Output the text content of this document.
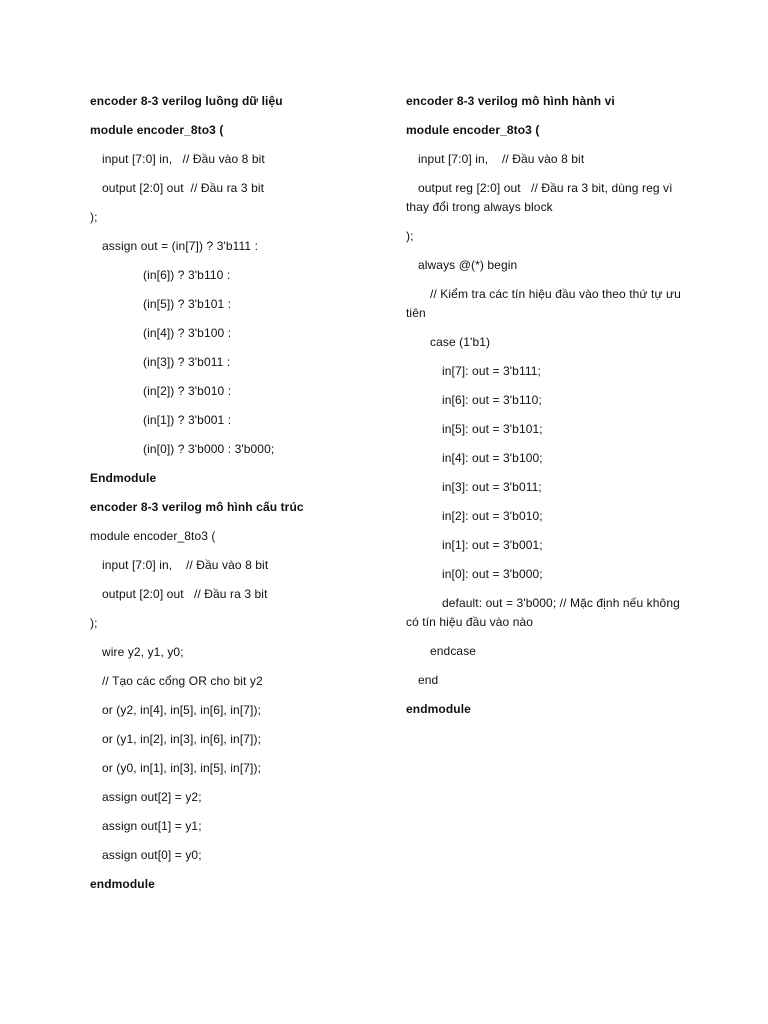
encoder 8-3 verilog luồng dữ liệu
module encoder_8to3 (
input [7:0] in,   // Đầu vào 8 bit
output [2:0] out  // Đầu ra 3 bit
);
assign out = (in[7]) ? 3'b111 :
(in[6]) ? 3'b110 :
(in[5]) ? 3'b101 :
(in[4]) ? 3'b100 :
(in[3]) ? 3'b011 :
(in[2]) ? 3'b010 :
(in[1]) ? 3'b001 :
(in[0]) ? 3'b000 : 3'b000;
Endmodule
encoder 8-3 verilog mô hình cấu trúc
module encoder_8to3 (
input [7:0] in,    // Đầu vào 8 bit
output [2:0] out   // Đầu ra 3 bit
);
wire y2, y1, y0;
// Tạo các cổng OR cho bit y2
or (y2, in[4], in[5], in[6], in[7]);
or (y1, in[2], in[3], in[6], in[7]);
or (y0, in[1], in[3], in[5], in[7]);
assign out[2] = y2;
assign out[1] = y1;
assign out[0] = y0;
endmodule
encoder 8-3 verilog mô hình hành vi
module encoder_8to3 (
input [7:0] in,    // Đầu vào 8 bit
output reg [2:0] out   // Đầu ra 3 bit, dùng reg vì thay đổi trong always block
);
always @(*) begin
// Kiểm tra các tín hiệu đầu vào theo thứ tự ưu tiên
case (1'b1)
in[7]: out = 3'b111;
in[6]: out = 3'b110;
in[5]: out = 3'b101;
in[4]: out = 3'b100;
in[3]: out = 3'b011;
in[2]: out = 3'b010;
in[1]: out = 3'b001;
in[0]: out = 3'b000;
default: out = 3'b000; // Mặc định nếu không có tín hiệu đầu vào nào
endcase
end
endmodule
